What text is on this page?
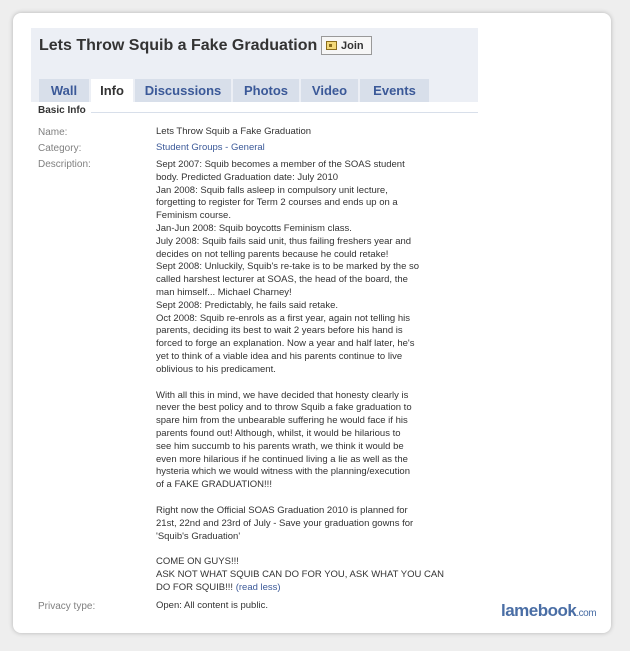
Lets Throw Squib a Fake Graduation Join
Wall	Info	Discussions	Photos	Video	Events
Basic Info
Name:	Lets Throw Squib a Fake Graduation
Category:	Student Groups - General
Description:	Sept 2007: Squib becomes a member of the SOAS student

body. Predicted Graduation date: July 2010

Jan 2008: Squib falls asleep in compulsory unit lecture,

forgetting to register for Term 2 courses and ends up on a

Feminism course.

Jan-Jun 2008: Squib boycotts Feminism class.

July 2008: Squib fails said unit, thus failing freshers year and

decides on not telling parents because he could retake!

Sept 2008: Unluckily, Squib's re-take is to be marked by the so

called harshest lecturer at SOAS, the head of the board, the

man himself... Michael Charney!

Sept 2008: Predictably, he fails said retake.

Oct 2008: Squib re-enrols as a first year, again not telling his

parents, deciding its best to wait 2 years before his hand is

forced to forge an explanation. Now a year and half later, he's

yet to think of a viable idea and his parents continue to live

oblivious to his predicament.

With all this in mind, we have decided that honesty clearly is

never the best policy and to throw Squib a fake graduation to

spare him from the unbearable suffering he would face if his

parents found out! Although, whilst, it would be hilarious to

see him succumb to his parents wrath, we think it would be

even more hilarious if he continued living a lie as well as the

hysteria which we would witness with the planning/execution

of a FAKE GRADUATION!!!

Right now the Official SOAS Graduation 2010 is planned for

21st, 22nd and 23rd of July - Save your graduation gowns for

'Squib's Graduation'

COME ON GUYS!!!

ASK NOT WHAT SQUIB CAN DO FOR YOU, ASK WHAT YOU CAN

DO FOR SQUIB!!! (read less)

Privacy type:	Open: All content is public.	lamebook.com
